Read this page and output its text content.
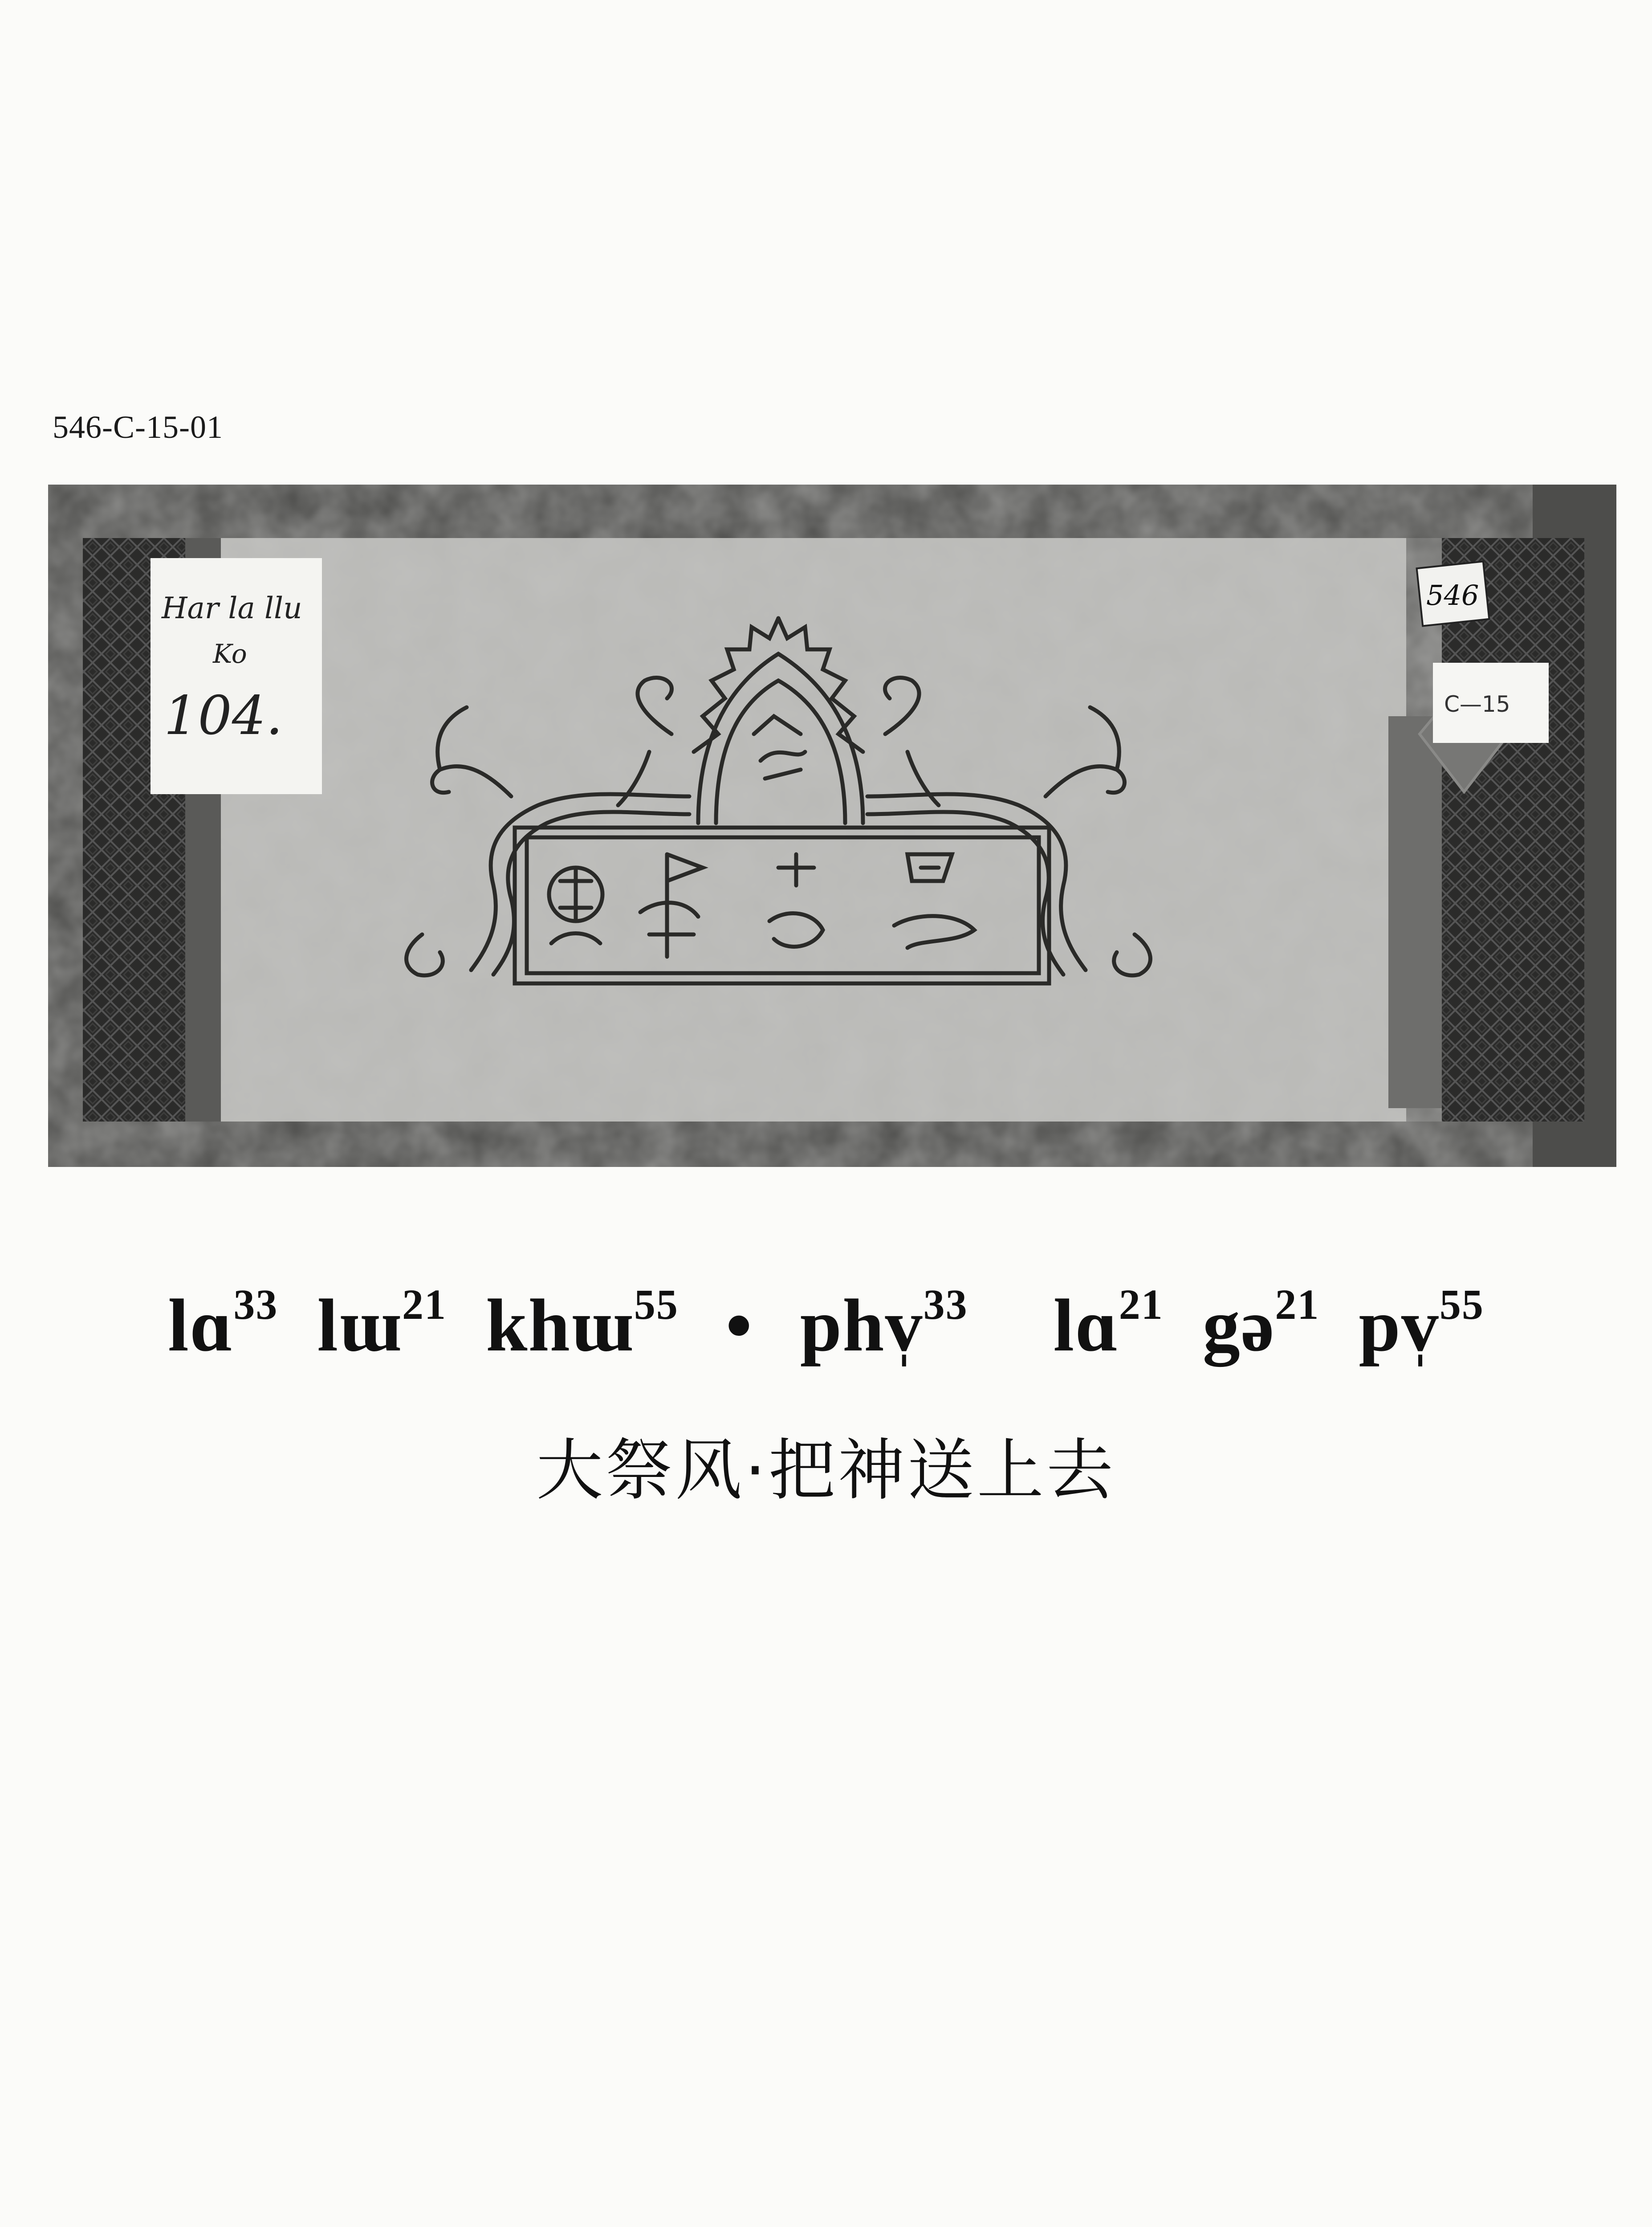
546-C-15-01
Har la llu
Ko
104.
546
C—15
lɑ$^{33}$ lɯ$^{21}$ khɯ$^{55}$ • phv̩$^{33}$ lɑ$^{21}$ gə$^{21}$ pv̩$^{55}$
大祭风·把神送上去
